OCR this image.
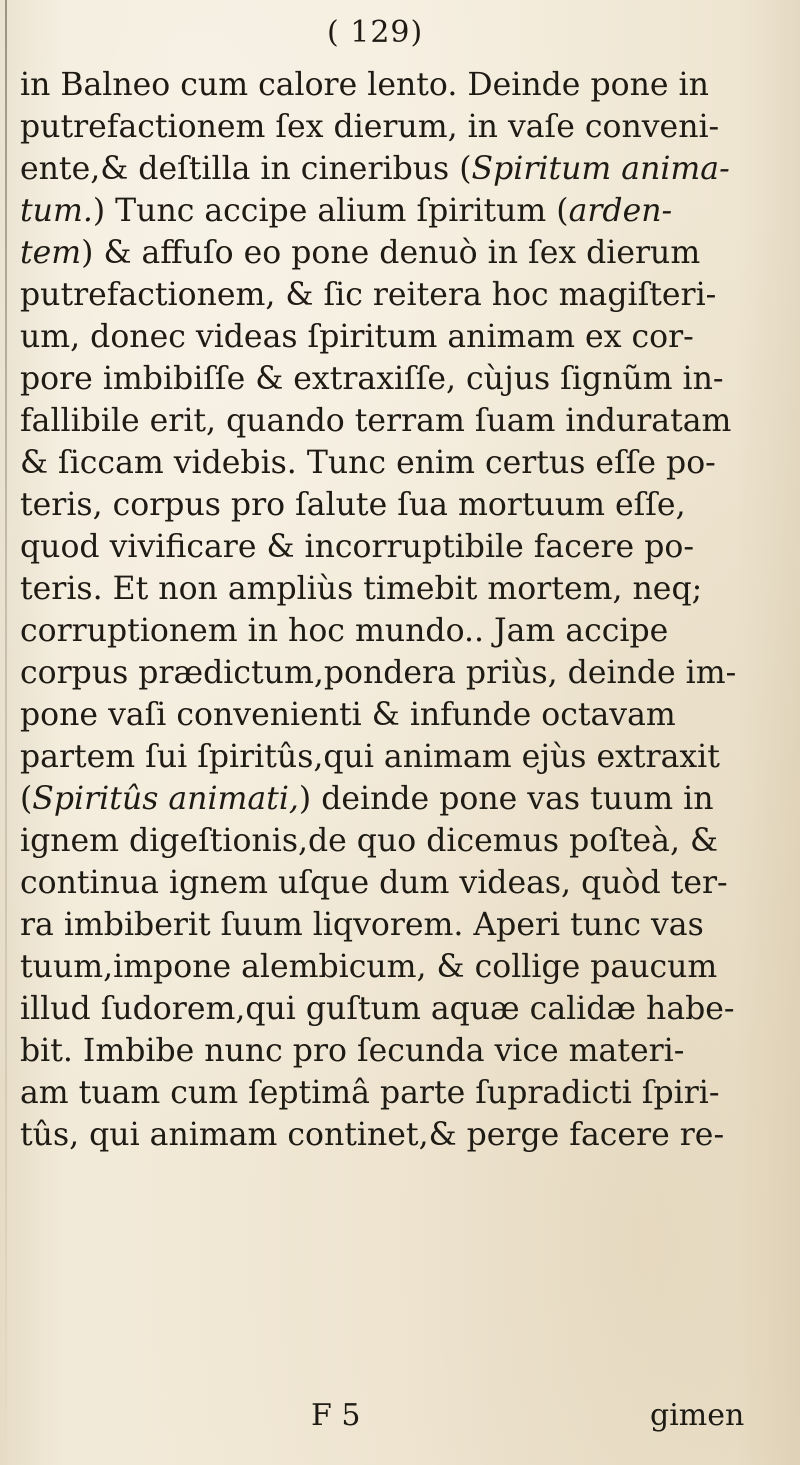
( 129)
in Balneo cum calore lento. Deinde pone in
putrefactionem ſex dierum, in vaſe conveni-
ente,& deſtilla in cineribus (Spiritum anima-
tum.) Tunc accipe alium ſpiritum (arden-
tem) & affuſo eo pone denuò in ſex dierum
putrefactionem, & ſic reitera hoc magiſteri-
um, donec videas ſpiritum animam ex cor-
pore imbibiſſe & extraxiſſe, cùjus ſignũm in-
fallibile erit, quando terram ſuam induratam
& ſiccam videbis. Tunc enim certus eſſe po-
teris, corpus pro ſalute ſua mortuum eſſe,
quod vivificare & incorruptibile facere po-
teris. Et non ampliùs timebit mortem, neq;
corruptionem in hoc mundo.. Jam accipe
corpus prædictum,pondera priùs, deinde im-
pone vaſi convenienti & infunde octavam
partem ſui ſpiritûs,qui animam ejùs extraxit
(Spiritûs animati,) deinde pone vas tuum in
ignem digeſtionis,de quo dicemus poſteà, &
continua ignem uſque dum videas, quòd ter-
ra imbiberit ſuum liqvorem. Aperi tunc vas
tuum,impone alembicum, & collige paucum
illud ſudorem,qui guſtum aquæ calidæ habe-
bit. Imbibe nunc pro ſecunda vice materi-
am tuam cum ſeptimâ parte ſupradicti ſpiri-
tûs, qui animam continet,& perge facere re-
F 5	gimen
